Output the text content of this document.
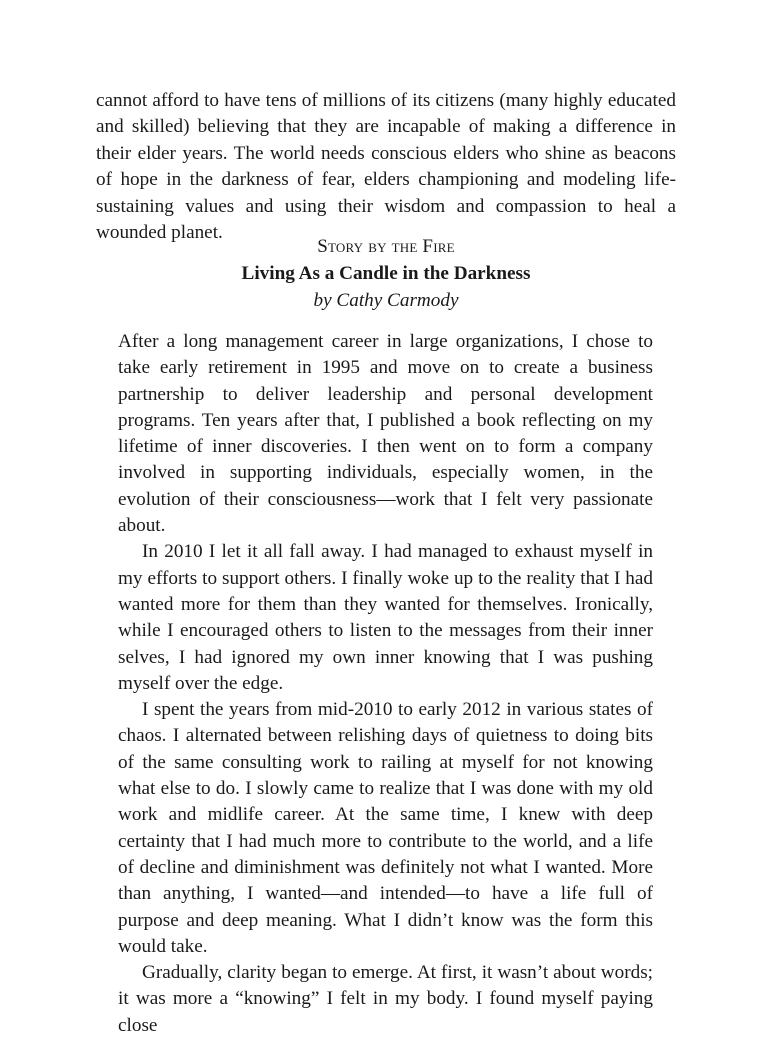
cannot afford to have tens of millions of its citizens (many highly educated and skilled) believing that they are incapable of making a difference in their elder years. The world needs conscious elders who shine as beacons of hope in the darkness of fear, elders championing and modeling life-sustaining values and using their wisdom and compassion to heal a wounded planet.

Story by the Fire

Living As a Candle in the Darkness

by Cathy Carmody

After a long management career in large organizations, I chose to take early retirement in 1995 and move on to create a business partnership to deliver leadership and personal development programs. Ten years after that, I published a book reflecting on my lifetime of inner discoveries. I then went on to form a company involved in supporting individuals, especially women, in the evolution of their consciousness—work that I felt very passionate about.

In 2010 I let it all fall away. I had managed to exhaust myself in my efforts to support others. I finally woke up to the reality that I had wanted more for them than they wanted for themselves. Ironically, while I encouraged others to listen to the messages from their inner selves, I had ignored my own inner knowing that I was pushing myself over the edge.

I spent the years from mid-2010 to early 2012 in various states of chaos. I alternated between relishing days of quietness to doing bits of the same consulting work to railing at myself for not knowing what else to do. I slowly came to realize that I was done with my old work and midlife career. At the same time, I knew with deep certainty that I had much more to contribute to the world, and a life of decline and diminishment was definitely not what I wanted. More than anything, I wanted—and intended—to have a life full of purpose and deep meaning. What I didn’t know was the form this would take.

Gradually, clarity began to emerge. At first, it wasn’t about words; it was more a “knowing” I felt in my body. I found myself paying close
